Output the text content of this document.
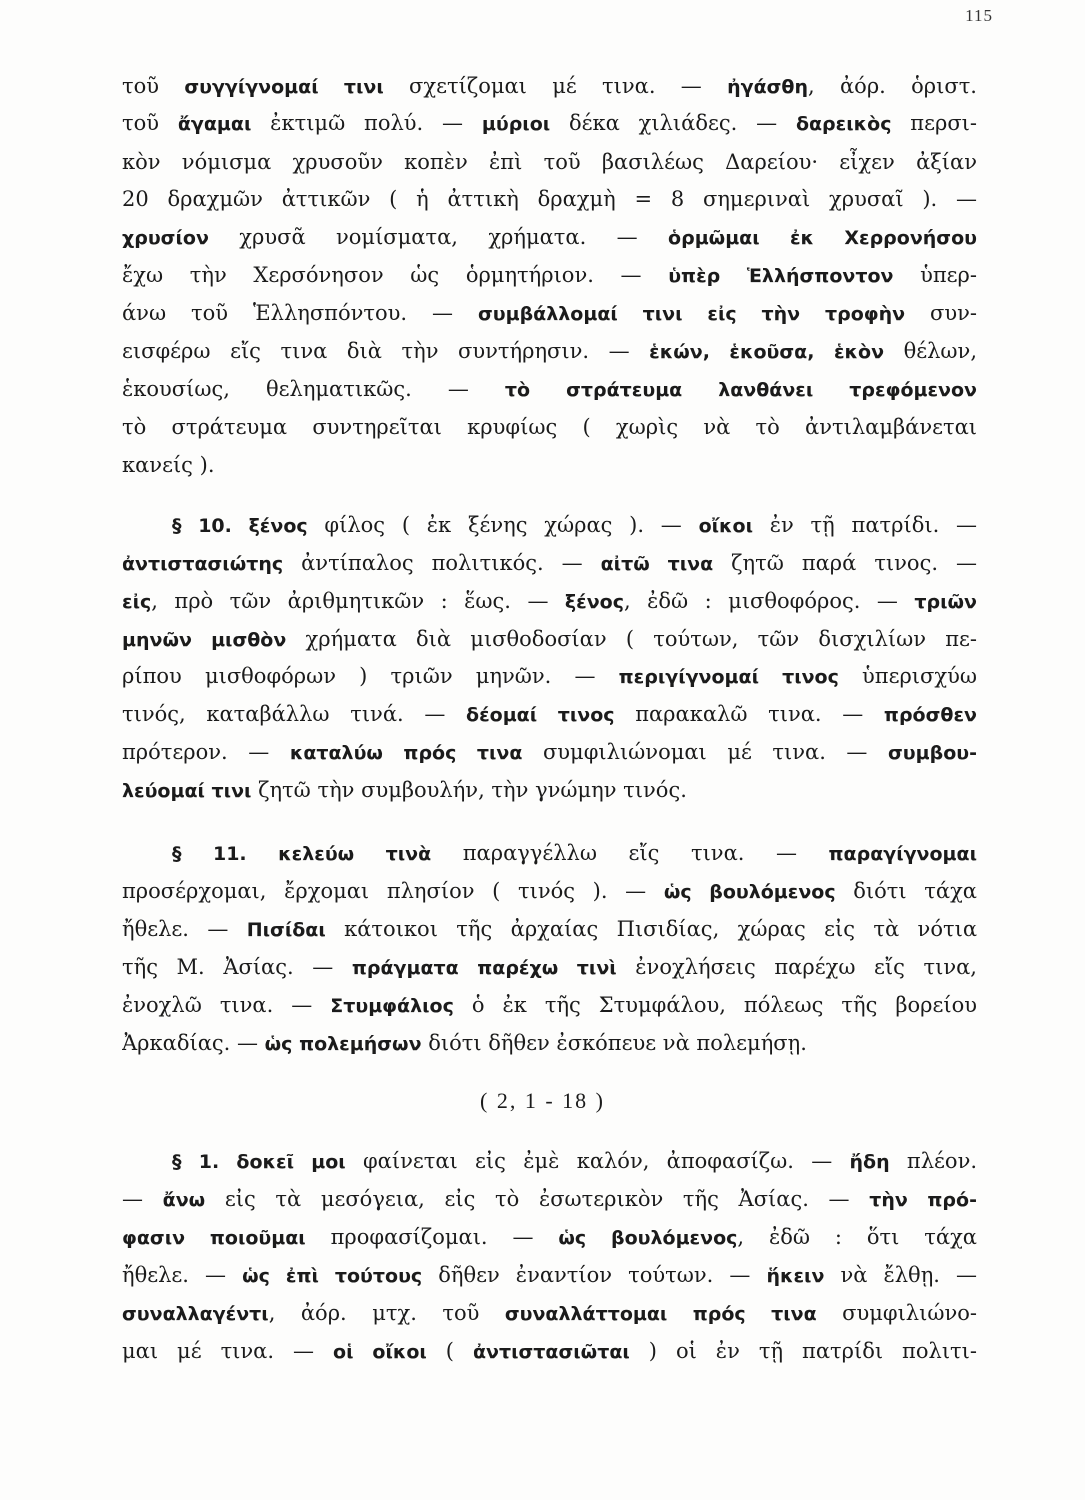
115
τοῦ συγγίγνομαί τινι σχετίζομαι μέ τινα. — ἠγάσθη, ἀόρ. ὁριστ.
τοῦ ἄγαμαι ἐκτιμῶ πολύ. — μύριοι δέκα χιλιάδες. — δαρεικὸς περσι-
κὸν νόμισμα χρυσοῦν κοπὲν ἐπὶ τοῦ βασιλέως Δαρείου· εἶχεν ἀξίαν
20 δραχμῶν ἀττικῶν ( ἡ ἀττικὴ δραχμὴ = 8 σημεριναὶ χρυσαῖ ). —
χρυσίον χρυσᾶ νομίσματα, χρήματα. — ὁρμῶμαι ἐκ Χερρονήσου
ἔχω τὴν Χερσόνησον ὡς ὁρμητήριον. — ὑπὲρ Ἑλλήσποντον ὑπερ-
άνω τοῦ Ἑλλησπόντου. — συμβάλλομαί τινι εἰς τὴν τροφὴν συν-
εισφέρω εἴς τινα διὰ τὴν συντήρησιν. — ἑκών, ἑκοῦσα, ἑκὸν θέλων,
ἑκουσίως, θεληματικῶς. — τὸ στράτευμα λανθάνει τρεφόμενον
τὸ στράτευμα συντηρεῖται κρυφίως ( χωρὶς νὰ τὸ ἀντιλαμβάνεται
κανείς ).
§ 10. ξένος φίλος ( ἐκ ξένης χώρας ). — οἴκοι ἐν τῇ πατρίδι. —
ἀντιστασιώτης ἀντίπαλος πολιτικός. — αἰτῶ τινα ζητῶ παρά τινος. —
εἰς, πρὸ τῶν ἀριθμητικῶν : ἕως. — ξένος, ἐδῶ : μισθοφόρος. — τριῶν
μηνῶν μισθὸν χρήματα διὰ μισθοδοσίαν ( τούτων, τῶν δισχιλίων πε-
ρίπου μισθοφόρων ) τριῶν μηνῶν. — περιγίγνομαί τινος ὑπερισχύω
τινός, καταβάλλω τινά. — δέομαί τινος παρακαλῶ τινα. — πρόσθεν
πρότερον. — καταλύω πρός τινα συμφιλιώνομαι μέ τινα. — συμβου-
λεύομαί τινι ζητῶ τὴν συμβουλήν, τὴν γνώμην τινός.
§ 11. κελεύω τινὰ παραγγέλλω εἴς τινα. — παραγίγνομαι
προσέρχομαι, ἔρχομαι πλησίον ( τινός ). — ὡς βουλόμενος διότι τάχα
ἤθελε. — Πισίδαι κάτοικοι τῆς ἀρχαίας Πισιδίας, χώρας εἰς τὰ νότια
τῆς Μ. Ἀσίας. — πράγματα παρέχω τινὶ ἐνοχλήσεις παρέχω εἴς τινα,
ἐνοχλῶ τινα. — Στυμφάλιος ὁ ἐκ τῆς Στυμφάλου, πόλεως τῆς βορείου
Ἀρκαδίας. — ὡς πολεμήσων διότι δῆθεν ἐσκόπευε νὰ πολεμήσῃ.
( 2, 1 - 18 )
§ 1. δοκεῖ μοι φαίνεται εἰς ἐμὲ καλόν, ἀποφασίζω. — ἤδη πλέον.
— ἄνω εἰς τὰ μεσόγεια, εἰς τὸ ἐσωτερικὸν τῆς Ἀσίας. — τὴν πρό-
φασιν ποιοῦμαι προφασίζομαι. — ὡς βουλόμενος, ἐδῶ : ὅτι τάχα
ἤθελε. — ὡς ἐπὶ τούτους δῆθεν ἐναντίον τούτων. — ἥκειν νὰ ἔλθῃ. —
συναλλαγέντι, ἀόρ. μτχ. τοῦ συναλλάττομαι πρός τινα συμφιλιώνο-
μαι μέ τινα. — οἱ οἴκοι ( ἀντιστασιῶται ) οἱ ἐν τῇ πατρίδι πολιτι-
